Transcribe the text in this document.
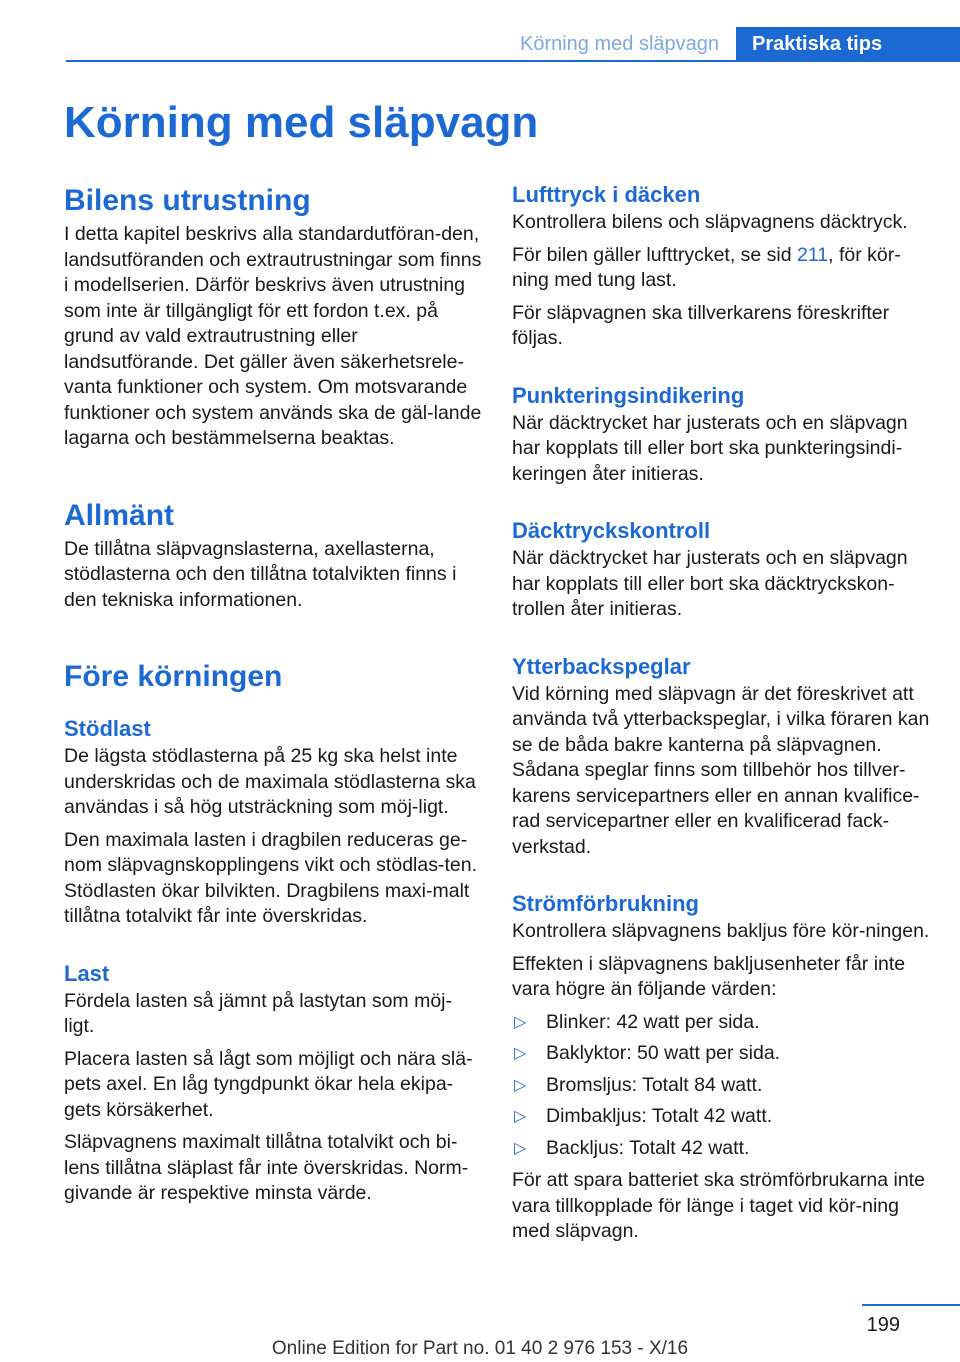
Körning med släpvagn	Praktiska tips
Körning med släpvagn
Bilens utrustning

I detta kapitel beskrivs alla standardutföran-den, landsutföranden och extrautrustningar som finns i modellserien. Därför beskrivs även utrustning som inte är tillgängligt för ett fordon t.ex. på grund av vald extrautrustning eller landsutförande. Det gäller även säkerhetsrele-vanta funktioner och system. Om motsvarande funktioner och system används ska de gäl-lande lagarna och bestämmelserna beaktas.

Allmänt

De tillåtna släpvagnslasterna, axellasterna, stödlasterna och den tillåtna totalvikten finns i den tekniska informationen.

Före körningen
Stödlast

De lägsta stödlasterna på 25 kg ska helst inte underskridas och de maximala stödlasterna ska användas i så hög utsträckning som möj-ligt.

Den maximala lasten i dragbilen reduceras ge-nom släpvagnskopplingens vikt och stödlas-ten. Stödlasten ökar bilvikten. Dragbilens maxi-malt tillåtna totalvikt får inte överskridas.

Last

Fördela lasten så jämnt på lastytan som möj-ligt.

Placera lasten så lågt som möjligt och nära slä-pets axel. En låg tyngdpunkt ökar hela ekipa-gets körsäkerhet.

Släpvagnens maximalt tillåtna totalvikt och bi-lens tillåtna släplast får inte överskridas. Norm-givande är respektive minsta värde.

Lufttryck i däcken

Kontrollera bilens och släpvagnens däcktryck.

För bilen gäller lufttrycket, se sid 211, för kör-ning med tung last.

För släpvagnen ska tillverkarens föreskrifter följas.

Punkteringsindikering

När däcktrycket har justerats och en släpvagn har kopplats till eller bort ska punkteringsindi-keringen åter initieras.

Däcktryckskontroll

När däcktrycket har justerats och en släpvagn har kopplats till eller bort ska däcktryckskon-trollen åter initieras.

Ytterbackspeglar

Vid körning med släpvagn är det föreskrivet att använda två ytterbackspeglar, i vilka föraren kan se de båda bakre kanterna på släpvagnen. Sådana speglar finns som tillbehör hos tillver-karens servicepartners eller en annan kvalifice-rad servicepartner eller en kvalificerad fack-verkstad.

Strömförbrukning

Kontrollera släpvagnens bakljus före kör-ningen.

Effekten i släpvagnens bakljusenheter får inte vara högre än följande värden:

▷ Blinker: 42 watt per sida.
▷ Baklyktor: 50 watt per sida.
▷ Bromsljus: Totalt 84 watt.
▷ Dimbakljus: Totalt 42 watt.
▷ Backljus: Totalt 42 watt.

För att spara batteriet ska strömförbrukarna inte vara tillkopplade för länge i taget vid kör-ning med släpvagn.

199
Online Edition for Part no. 01 40 2 976 153 - X/16
